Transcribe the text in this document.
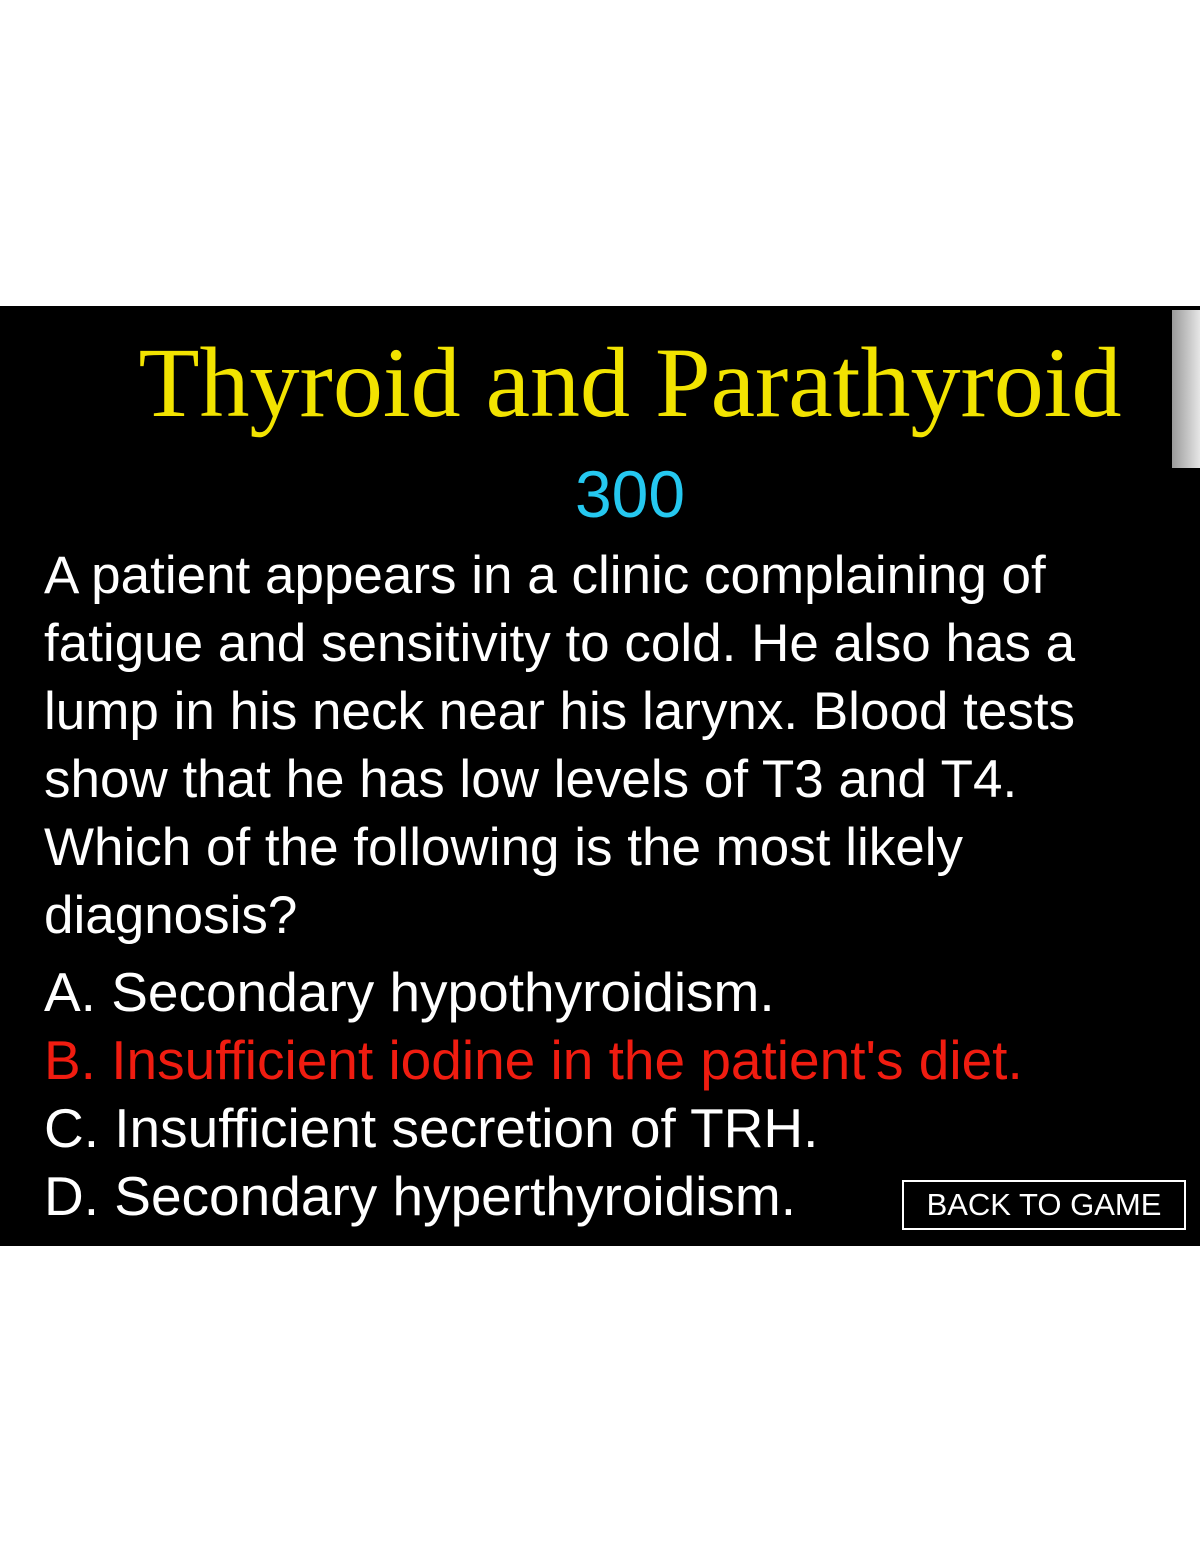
Thyroid and Parathyroid
300

A patient appears in a clinic complaining of fatigue and sensitivity to cold. He also has a lump in his neck near his larynx. Blood tests show that he has low levels of T3 and T4. Which of the following is the most likely diagnosis?

A. Secondary hypothyroidism.
B. Insufficient iodine in the patient's diet.
C. Insufficient secretion of TRH.
D. Secondary hyperthyroidism.	BACK TO GAME
